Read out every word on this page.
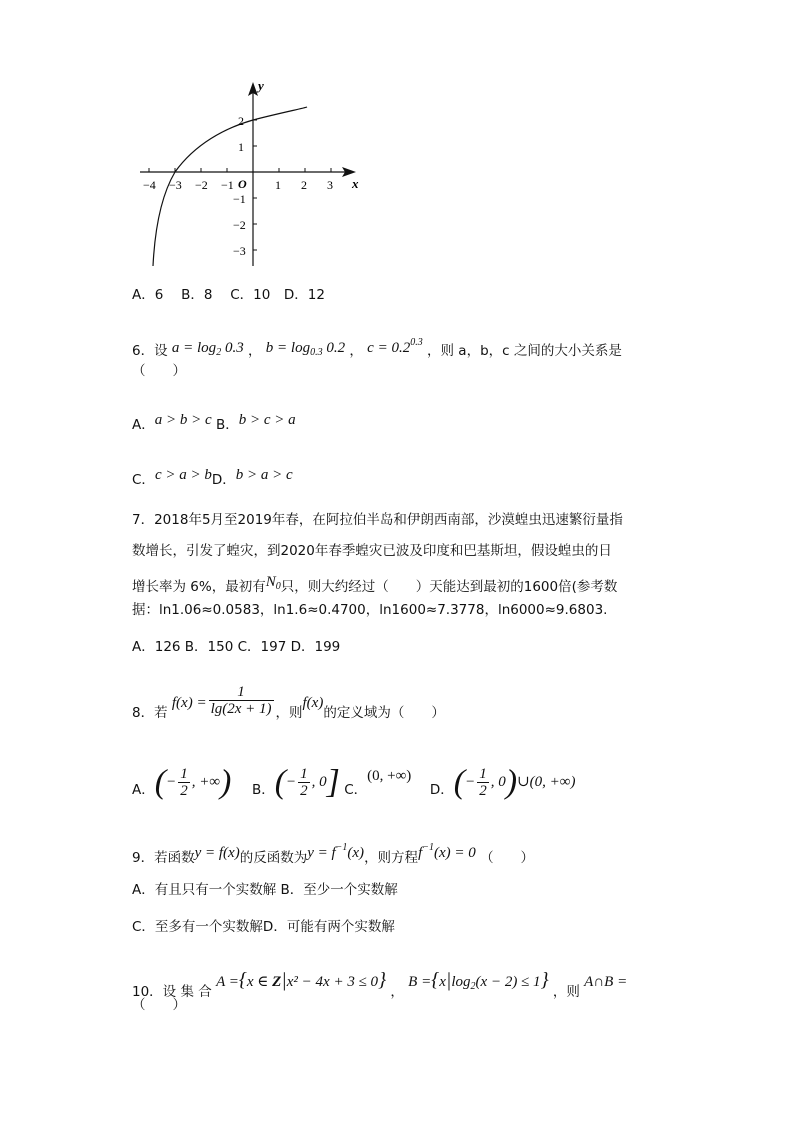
−4 −3 −2 −1	1 2 3
2
1
−1
−2
−3
O	x
y
A．6　 B．8　 C．10　D．12
6．设 $a = \log_2 0.3$ ， $b = \log_{0.3} 0.2$ ， $c = 0.2^{0.3}$ ，则 a，b，c 之间的大小关系是
（　　）
A．a > b > c B．b > c > a
C．c > a > bD．b > a > c
7．2018年5月至2019年春，在阿拉伯半岛和伊朗西南部，沙漠蝗虫迅速繁衍量指
数增长，引发了蝗灾，到2020年春季蝗灾已波及印度和巴基斯坦，假设蝗虫的日
增长率为 6%，最初有$N_0$只，则大约经过（　　）天能达到最初的1600倍(参考数
据：ln1.06≈0.0583，ln1.6≈0.4700，ln1600≈7.3778，ln6000≈9.6803.
A．126 B．150 C．197 D．199
8．若 $f(x) = \frac{1}{\lg(2x + 1)}$ ，则f(x)的定义域为（　　）
A．(− $\frac{1}{2}$ , +∞) B．(− $\frac{1}{2}$ , 0] C．(0, +∞)  D．(− $\frac{1}{2}$ , 0)∪(0, +∞)
9．若函数y = f(x)的反函数为$y = f^{-1}(x)$，则方程$f^{-1}(x) = 0$ （　　）
A．有且只有一个实数解 B．至少一个实数解
C．至多有一个实数解D．可能有两个实数解
10．设 集 合 A ={x ∈ Z|x² − 4x + 3 ≤ 0} ， $B =\{x|\log_2(x - 2) \le 1\}$ ，则 A∩B =
（　　）
